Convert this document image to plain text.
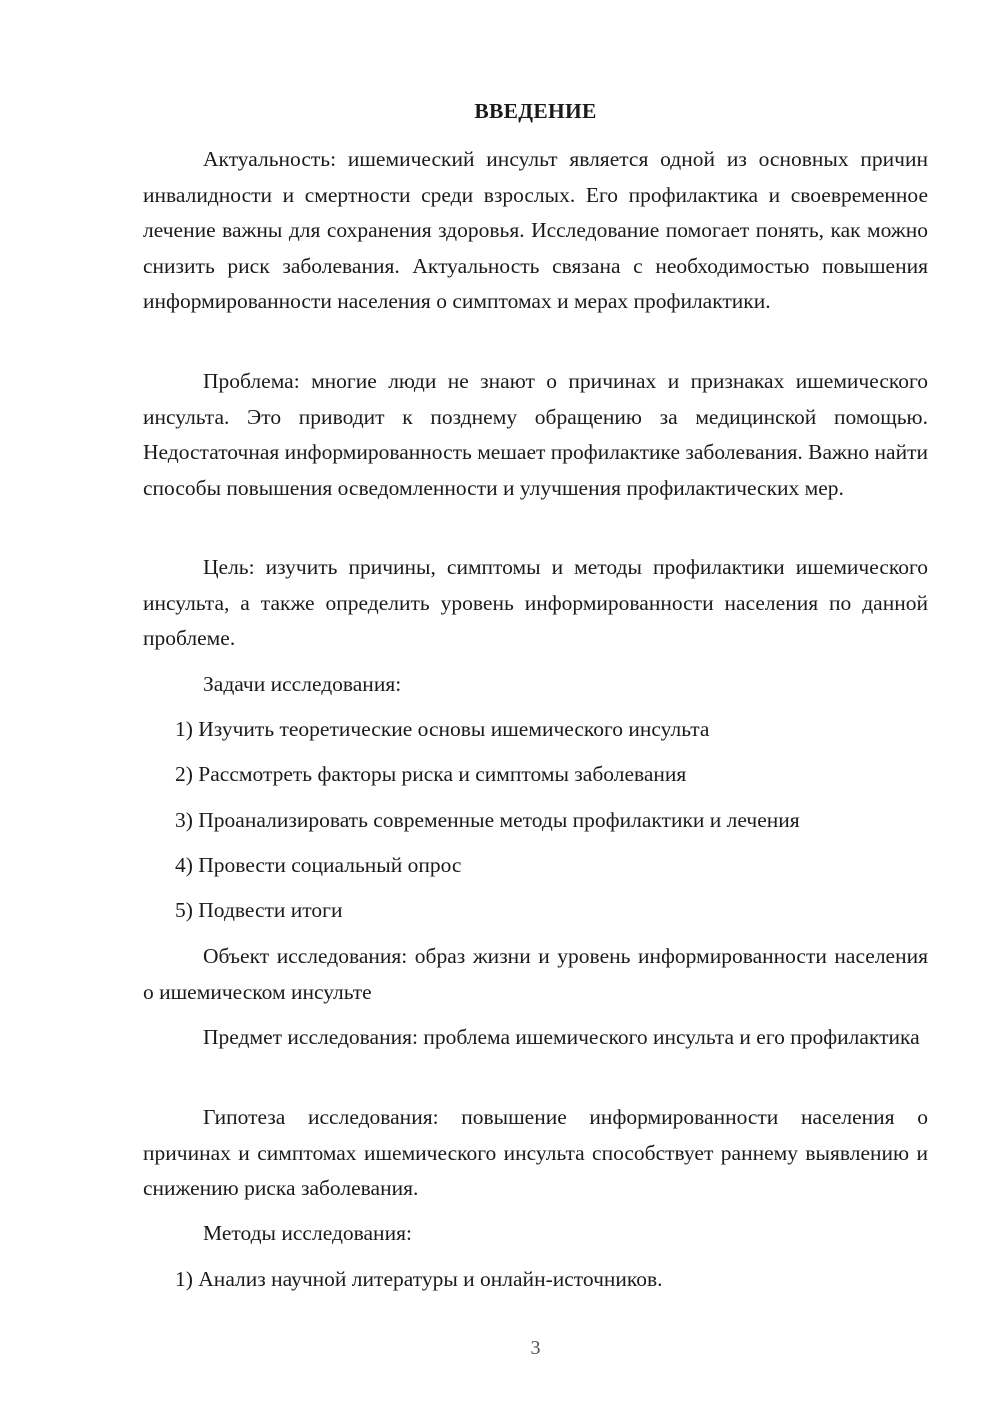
ВВЕДЕНИЕ

Актуальность: ишемический инсульт является одной из основных причин инвалидности и смертности среди взрослых. Его профилактика и своевременное лечение важны для сохранения здоровья. Исследование помогает понять, как можно снизить риск заболевания. Актуальность связана с необходимостью повышения информированности населения о симптомах и мерах профилактики.

Проблема: многие люди не знают о причинах и признаках ишемического инсульта. Это приводит к позднему обращению за медицинской помощью. Недостаточная информированность мешает профилактике заболевания. Важно найти способы повышения осведомленности и улучшения профилактических мер.

Цель: изучить причины, симптомы и методы профилактики ишемического инсульта, а также определить уровень информированности населения по данной проблеме.

Задачи исследования:

1) Изучить теоретические основы ишемического инсульта

2) Рассмотреть факторы риска и симптомы заболевания

3) Проанализировать современные методы профилактики и лечения

4) Провести социальный опрос

5) Подвести итоги

Объект исследования: образ жизни и уровень информированности населения о ишемическом инсульте

Предмет исследования: проблема ишемического инсульта и его профилактика

Гипотеза исследования: повышение информированности населения о причинах и симптомах ишемического инсульта способствует раннему выявлению и снижению риска заболевания.

Методы исследования:

1) Анализ научной литературы и онлайн-источников.

3
